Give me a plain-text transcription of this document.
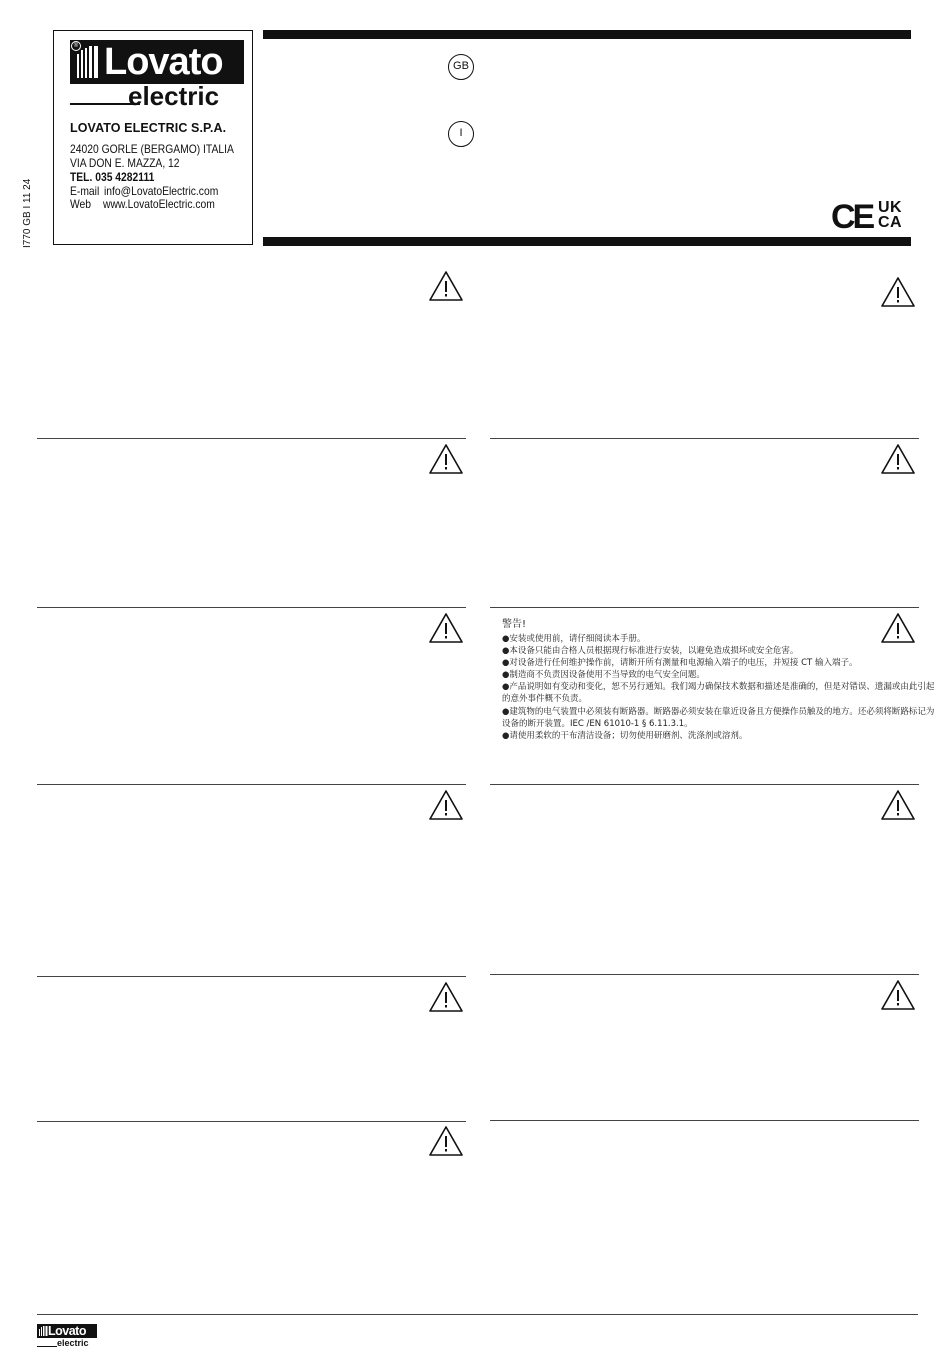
® Lovato
electric
LOVATO ELECTRIC S.P.A.
24020 GORLE (BERGAMO) ITALIA
VIA DON E. MAZZA, 12
TEL. 035 4282111
E-mail info@LovatoElectric.com
Web www.LovatoElectric.com
I770 GB I 11 24
GB
I
CE UK
CA
警告!
●安装或使用前，请仔细阅读本手册。
●本设备只能由合格人员根据现行标准进行安装，以避免造成损坏或安全危害。
●对设备进行任何维护操作前，请断开所有测量和电源输入端子的电压，并短接 CT 输入端子。
●制造商不负责因设备使用不当导致的电气安全问题。
●产品说明如有变动和变化，恕不另行通知。我们竭力确保技术数据和描述是准确的，但是对错误、遗漏或由此引起的意外事件概不负责。
●建筑物的电气装置中必须装有断路器。断路器必须安装在靠近设备且方便操作员触及的地方。还必须将断路标记为设备的断开装置。IEC /EN 61010-1 § 6.11.3.1。
●请使用柔软的干布清洁设备；切勿使用研磨剂、洗涤剂或溶剂。
Lovato
electric
